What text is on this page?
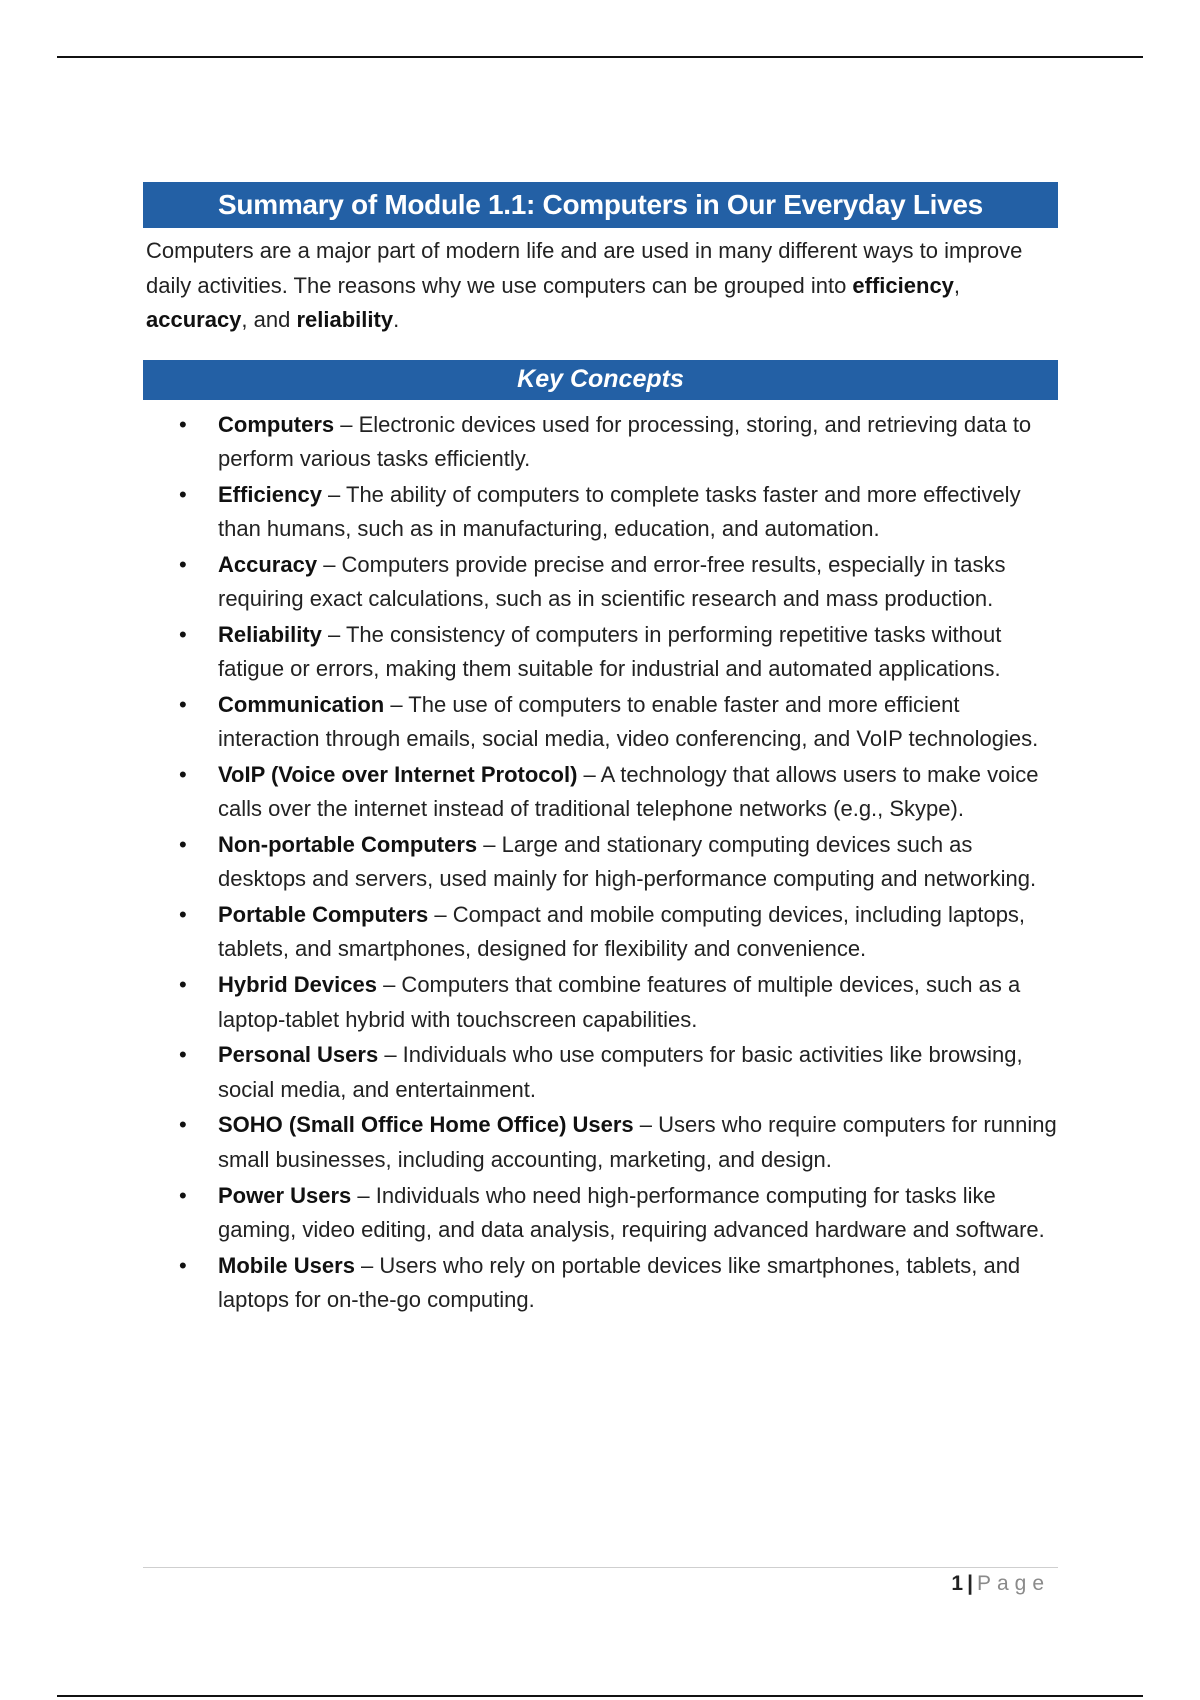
Summary of Module 1.1: Computers in Our Everyday Lives

Computers are a major part of modern life and are used in many different ways to improve daily activities. The reasons why we use computers can be grouped into efficiency, accuracy, and reliability.

Key Concepts
• Computers – Electronic devices used for processing, storing, and retrieving data to perform various tasks efficiently.
• Efficiency – The ability of computers to complete tasks faster and more effectively than humans, such as in manufacturing, education, and automation.
• Accuracy – Computers provide precise and error-free results, especially in tasks requiring exact calculations, such as in scientific research and mass production.
• Reliability – The consistency of computers in performing repetitive tasks without fatigue or errors, making them suitable for industrial and automated applications.
• Communication – The use of computers to enable faster and more efficient interaction through emails, social media, video conferencing, and VoIP technologies.
• VoIP (Voice over Internet Protocol) – A technology that allows users to make voice calls over the internet instead of traditional telephone networks (e.g., Skype).
• Non-portable Computers – Large and stationary computing devices such as desktops and servers, used mainly for high-performance computing and networking.
• Portable Computers – Compact and mobile computing devices, including laptops, tablets, and smartphones, designed for flexibility and convenience.
• Hybrid Devices – Computers that combine features of multiple devices, such as a laptop-tablet hybrid with touchscreen capabilities.
• Personal Users – Individuals who use computers for basic activities like browsing, social media, and entertainment.
• SOHO (Small Office Home Office) Users – Users who require computers for running small businesses, including accounting, marketing, and design.
• Power Users – Individuals who need high-performance computing for tasks like gaming, video editing, and data analysis, requiring advanced hardware and software.
• Mobile Users – Users who rely on portable devices like smartphones, tablets, and laptops for on-the-go computing.
1 | Page
